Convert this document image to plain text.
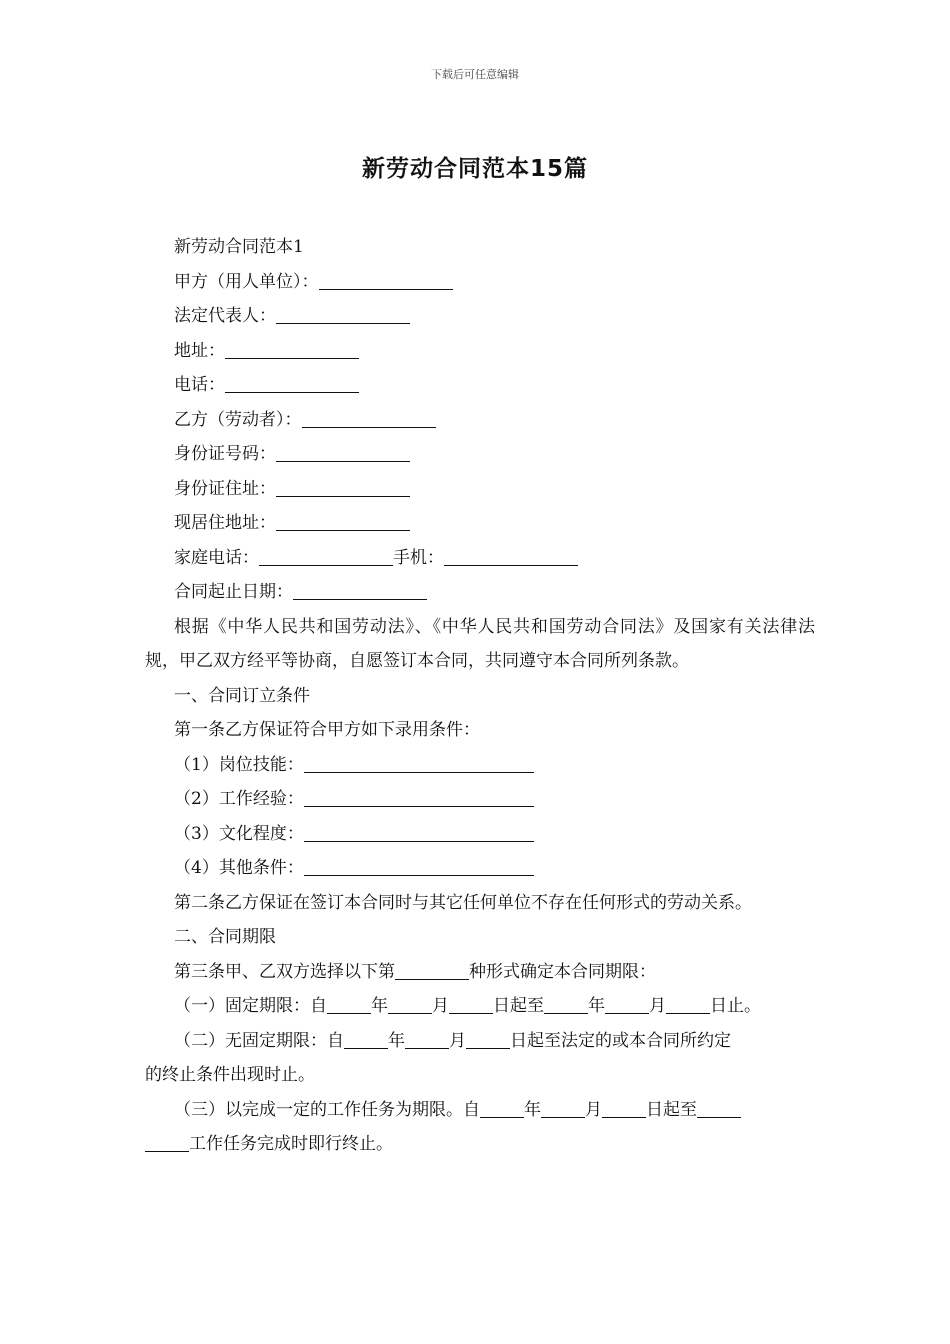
下载后可任意编辑
新劳动合同范本15篇

新劳动合同范本1

甲方（用人单位）：

法定代表人：

地址：

电话：

乙方（劳动者）：

身份证号码：

身份证住址：

现居住地址：

家庭电话：	手机：

合同起止日期：

根据《中华人民共和国劳动法》、《中华人民共和国劳动合同法》及国家有关法律法规，甲乙双方经平等协商，自愿签订本合同，共同遵守本合同所列条款。

一、合同订立条件

第一条乙方保证符合甲方如下录用条件：

（1）岗位技能：

（2）工作经验：

（3）文化程度：

（4）其他条件：

第二条乙方保证在签订本合同时与其它任何单位不存在任何形式的劳动关系。

二、合同期限

第三条甲、乙双方选择以下第	种形式确定本合同期限：

（一）固定期限：自	年	月	日起至	年	月	日止。

（二）无固定期限：自	年	月	日起至法定的或本合同所约定

的终止条件出现时止。

（三）以完成一定的工作任务为期限。自	年	月	日起至

工作任务完成时即行终止。
